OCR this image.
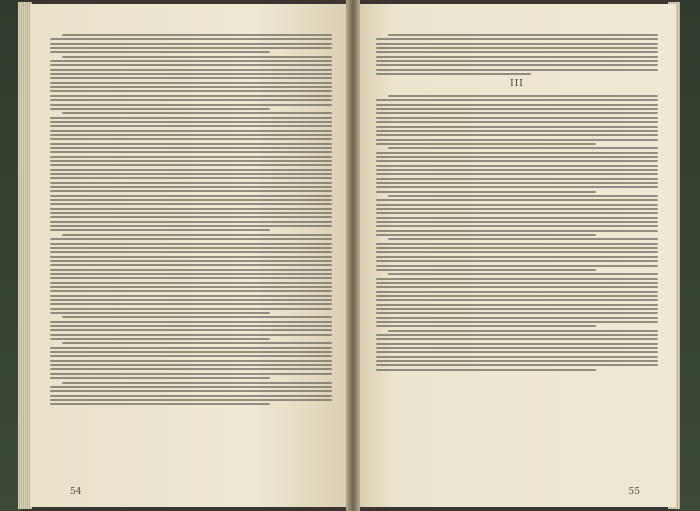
54
III
55
